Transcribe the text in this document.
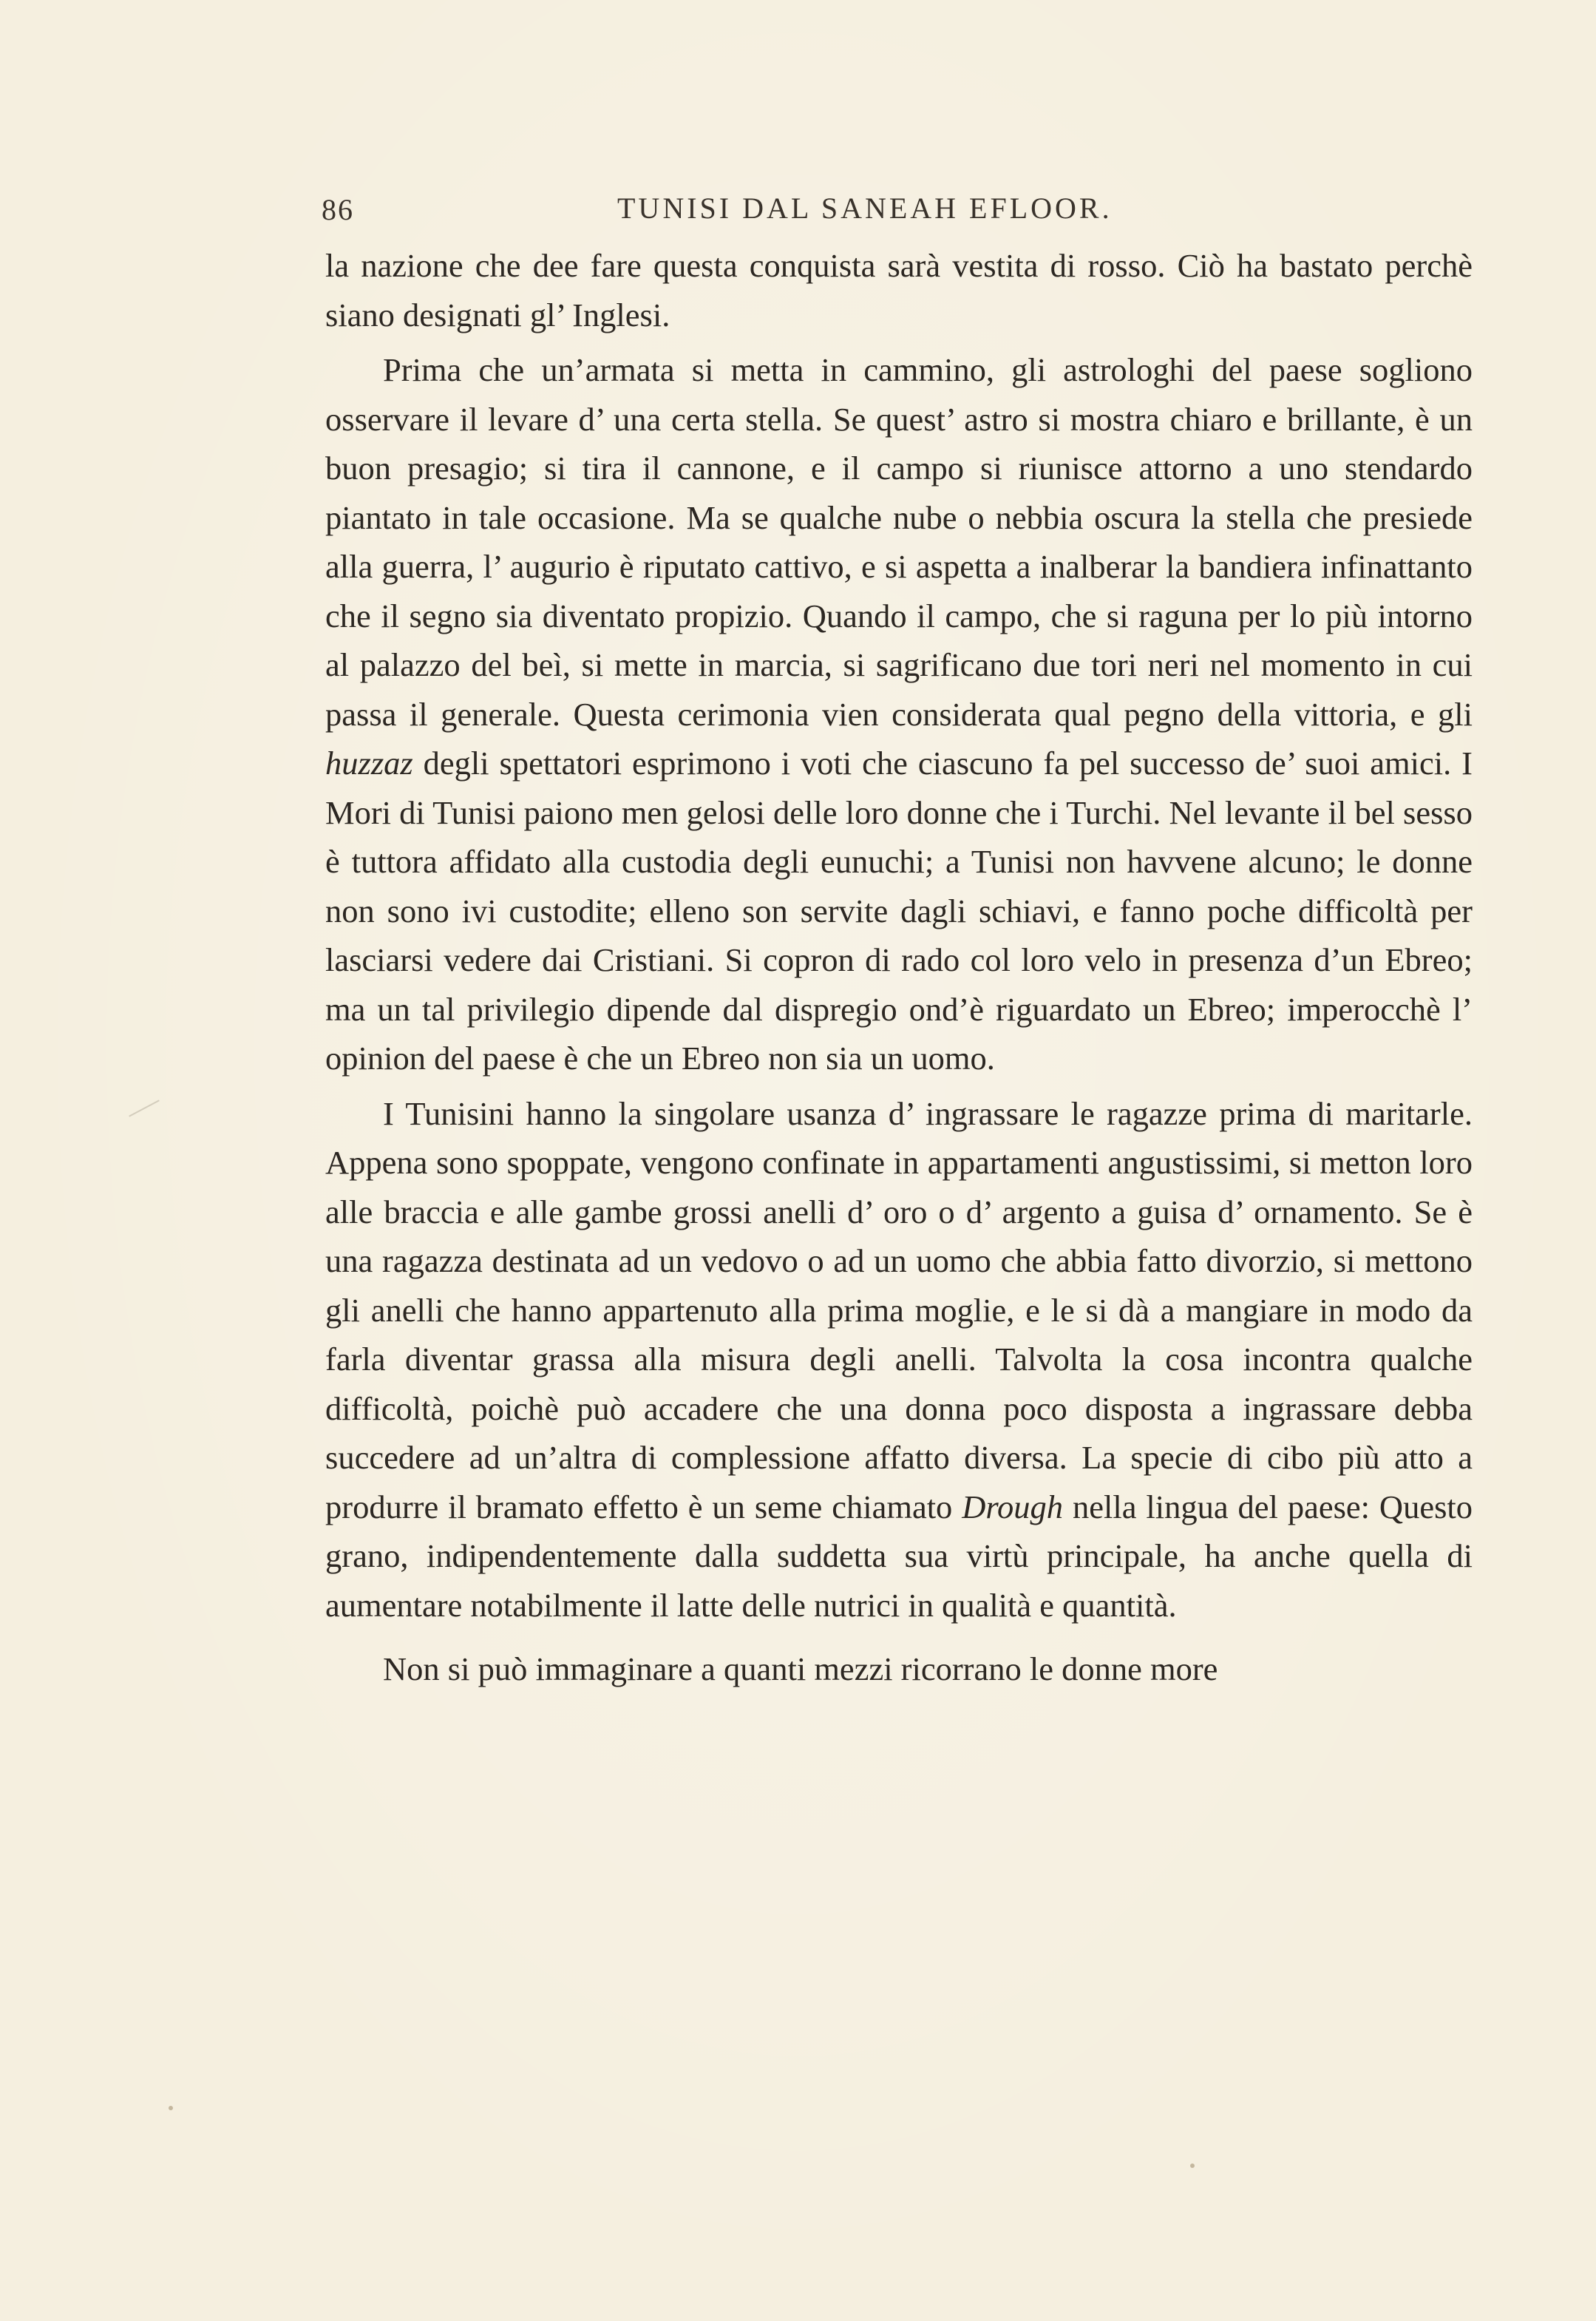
86	TUNISI DAL SANEAH EFLOOR.

la nazione che dee fare questa conquista sarà vestita di rosso. Ciò ha bastato perchè siano designati gl’ Inglesi.

Prima che un’armata si metta in cammino, gli astrologhi del paese sogliono osservare il levare d’ una certa stella. Se quest’ astro si mostra chiaro e brillante, è un buon presagio; si tira il cannone, e il campo si riunisce attorno a uno stendardo piantato in tale occasione. Ma se qualche nube o nebbia oscura la stella che presiede alla guerra, l’ augurio è riputato cattivo, e si aspetta a inalberar la bandiera infinattanto che il segno sia diventato propizio. Quando il campo, che si raguna per lo più intorno al palazzo del beì, si mette in marcia, si sagrificano due tori neri nel momento in cui passa il generale. Questa cerimonia vien considerata qual pegno della vittoria, e gli huzzaz degli spettatori esprimono i voti che ciascuno fa pel successo de’ suoi amici. I Mori di Tunisi paiono men gelosi delle loro donne che i Turchi. Nel levante il bel sesso è tuttora affidato alla custodia degli eunuchi; a Tunisi non havvene alcuno; le donne non sono ivi custodite; elleno son servite dagli schiavi, e fanno poche difficoltà per lasciarsi vedere dai Cristiani. Si copron di rado col loro velo in presenza d’un Ebreo; ma un tal privilegio dipende dal dispregio ond’è riguardato un Ebreo; imperocchè l’ opinion del paese è che un Ebreo non sia un uomo.

I Tunisini hanno la singolare usanza d’ ingrassare le ragazze prima di maritarle. Appena sono spoppate, vengono confinate in appartamenti angustissimi, si metton loro alle braccia e alle gambe grossi anelli d’ oro o d’ argento a guisa d’ ornamento. Se è una ragazza destinata ad un vedovo o ad un uomo che abbia fatto divorzio, si mettono gli anelli che hanno appartenuto alla prima moglie, e le si dà a mangiare in modo da farla diventar grassa alla misura degli anelli. Talvolta la cosa incontra qualche difficoltà, poichè può accadere che una donna poco disposta a ingrassare debba succedere ad un’altra di complessione affatto diversa. La specie di cibo più atto a produrre il bramato effetto è un seme chiamato Drough nella lingua del paese: Questo grano, indipendentemente dalla suddetta sua virtù principale, ha anche quella di aumentare notabilmente il latte delle nutrici in qualità e quantità.

Non si può immaginare a quanti mezzi ricorrano le donne more
